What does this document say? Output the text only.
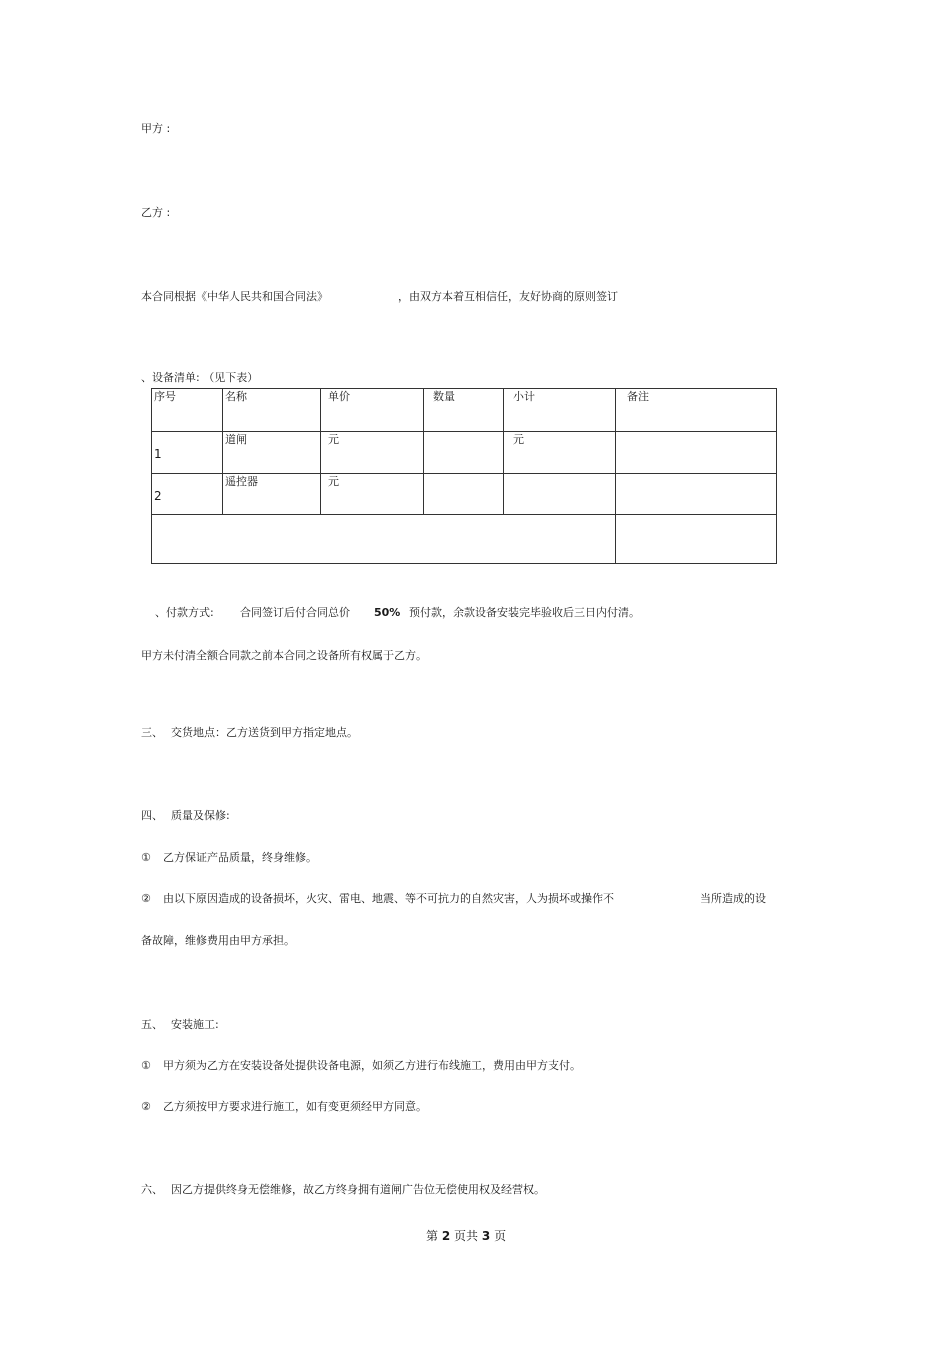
甲方 :
乙方 :
本合同根据《中华人民共和国合同法》	，由双方本着互相信任，友好协商的原则签订
、设备清单: （见下表）
序号	名称	单价	数量	小计	备注

1	道闸	元		元	

2	遥控器	元			

、付款方式: 合同签订后付合同总价 50% 预付款，余款设备安装完毕验收后三日内付清。
甲方未付清全额合同款之前本合同之设备所有权属于乙方。
三、 交货地点：乙方送货到甲方指定地点。
四、 质量及保修:
① 乙方保证产品质量，终身维修。
② 由以下原因造成的设备损坏，火灾、雷电、地震、等不可抗力的自然灾害，人为损坏或操作不	当所造成的设
备故障，维修费用由甲方承担。
五、 安装施工:
① 甲方须为乙方在安装设备处提供设备电源，如须乙方进行布线施工，费用由甲方支付。
② 乙方须按甲方要求进行施工，如有变更须经甲方同意。
六、 因乙方提供终身无偿维修，故乙方终身拥有道闸广告位无偿使用权及经营权。
第 2 页共 3 页
